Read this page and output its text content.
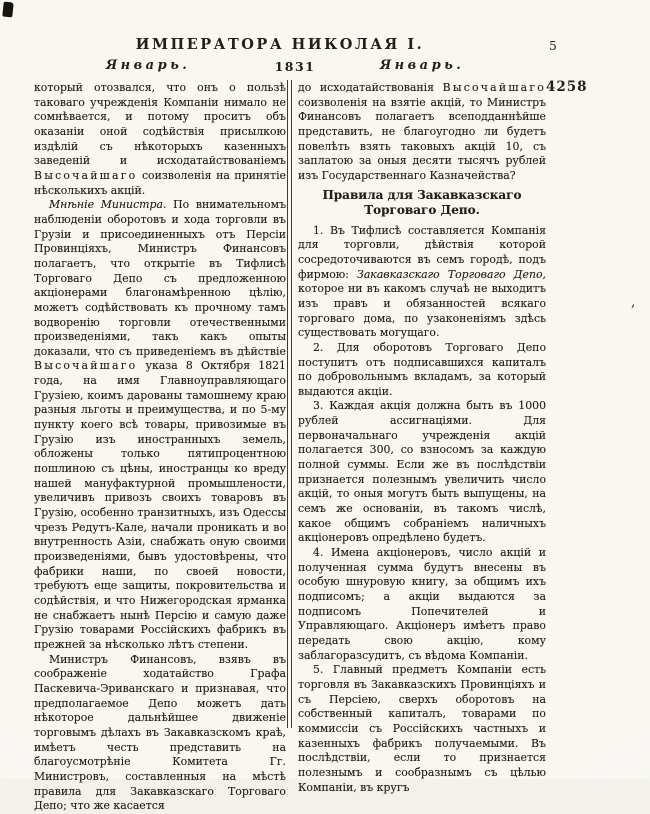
,
ИМПЕРАТОРА НИКОЛАЯ I.	5
Январь.	1831	Январь.
4258

который отозвался, что онъ о пользѣ таковаго учрежденія Компаніи нимало не сомнѣвается, и потому проситъ объ оказаніи оной содѣйствія присылкою издѣлій съ нѣкоторыхъ казенныхъ заведеній и исходатайствованіемъ Высочайшаго соизволенія на принятіе нѣсколькихъ акцій.

Мнѣніе Министра. По внимательномъ наблюденіи оборотовъ и хода торговли въ Грузіи и присоединенныхъ отъ Персіи Провинціяхъ, Министръ Финансовъ полагаетъ, что открытіе въ Тифлисѣ Торговаго Депо съ предложенною акціонерами благонамѣренною цѣлію, можетъ содѣйствовать къ прочному тамъ водворенію торговли отечественными произведеніями, такъ какъ опыты доказали, что съ приведеніемъ въ дѣйствіе Высочайшаго указа 8 Октября 1821 года, на имя Главноуправляющаго Грузіею, коимъ дарованы тамошнему краю разныя льготы и преимущества, и по 5-му пункту коего всѣ товары, привозимые въ Грузію изъ иностранныхъ земель, обложены только пятипроцентною пошлиною съ цѣны, иностранцы ко вреду нашей мануфактурной промышлености, увеличивъ привозъ своихъ товаровъ въ Грузію, особенно транзитныхъ, изъ Одессы чрезъ Редутъ-Кале, начали проникать и во внутренность Азіи, снабжать оную своими произведеніями, бывъ удостовѣрены, что фабрики наши, по своей новости, требуютъ еще защиты, покровительства и содѣйствія, и что Нижегородская ярманка не снабжаетъ нынѣ Персію и самую даже Грузію товарами Россійскихъ фабрикъ въ прежней за нѣсколько лѣтъ степени.

Министръ Финансовъ, взявъ въ соображеніе ходатайство Графа Паскевича-Эриванскаго и признавая, что предполагаемое Депо можетъ дать нѣкоторое дальнѣйшее движеніе торговымъ дѣлахъ въ Закавказскомъ краѣ, имѣетъ честь представить на благоусмотрѣніе Комитета Гг. Министровъ, составленныя на мѣстѣ правила для Закавказскаго Торговаго Депо; что же касается

до исходатайствованія Высочайшаго соизволенія на взятіе акцій, то Министръ Финансовъ полагаетъ всеподданнѣйше представить, не благоугодно ли будетъ повелѣть взять таковыхъ акцій 10, съ заплатою за оныя десяти тысячъ рублей изъ Государственнаго Казначейства?

Правила для Закавказскаго Торговаго Депо.

1. Въ Тифлисѣ составляется Компанія для торговли, дѣйствія которой сосредоточиваются въ семъ городѣ, подъ фирмою: Закавказскаго Торговаго Депо, которое ни въ какомъ случаѣ не выходитъ изъ правъ и обязанностей всякаго торговаго дома, по узаконеніямъ здѣсь существовать могущаго.

2. Для оборотовъ Торговаго Депо поступитъ отъ подписавшихся капиталъ по добровольнымъ вкладамъ, за который выдаются акціи.

3. Каждая акція должна быть въ 1000 рублей ассигнаціями. Для первоначальнаго учрежденія акцій полагается 300, со взносомъ за каждую полной суммы. Если же въ послѣдствіи признается полезнымъ увеличить число акцій, то оныя могутъ быть выпущены, на семъ же основаніи, въ такомъ числѣ, какое общимъ собраніемъ наличныхъ акціонеровъ опредѣлено будетъ.

4. Имена акціонеровъ, число акцій и полученная сумма будутъ внесены въ особую шнуровую книгу, за общимъ ихъ подписомъ; а акціи выдаются за подписомъ Попечителей и Управляющаго. Акціонеръ имѣетъ право передать свою акцію, кому заблагоразсудитъ, съ вѣдома Компаніи.

5. Главный предметъ Компаніи есть торговля въ Закавказскихъ Провинціяхъ и съ Персіею, сверхъ оборотовъ на собственный капиталъ, товарами по коммиссіи съ Россійскихъ частныхъ и казенныхъ фабрикъ получаемыми. Въ послѣдствіи, если то признается полезнымъ и сообразнымъ съ цѣлью Компаніи, въ кругъ
